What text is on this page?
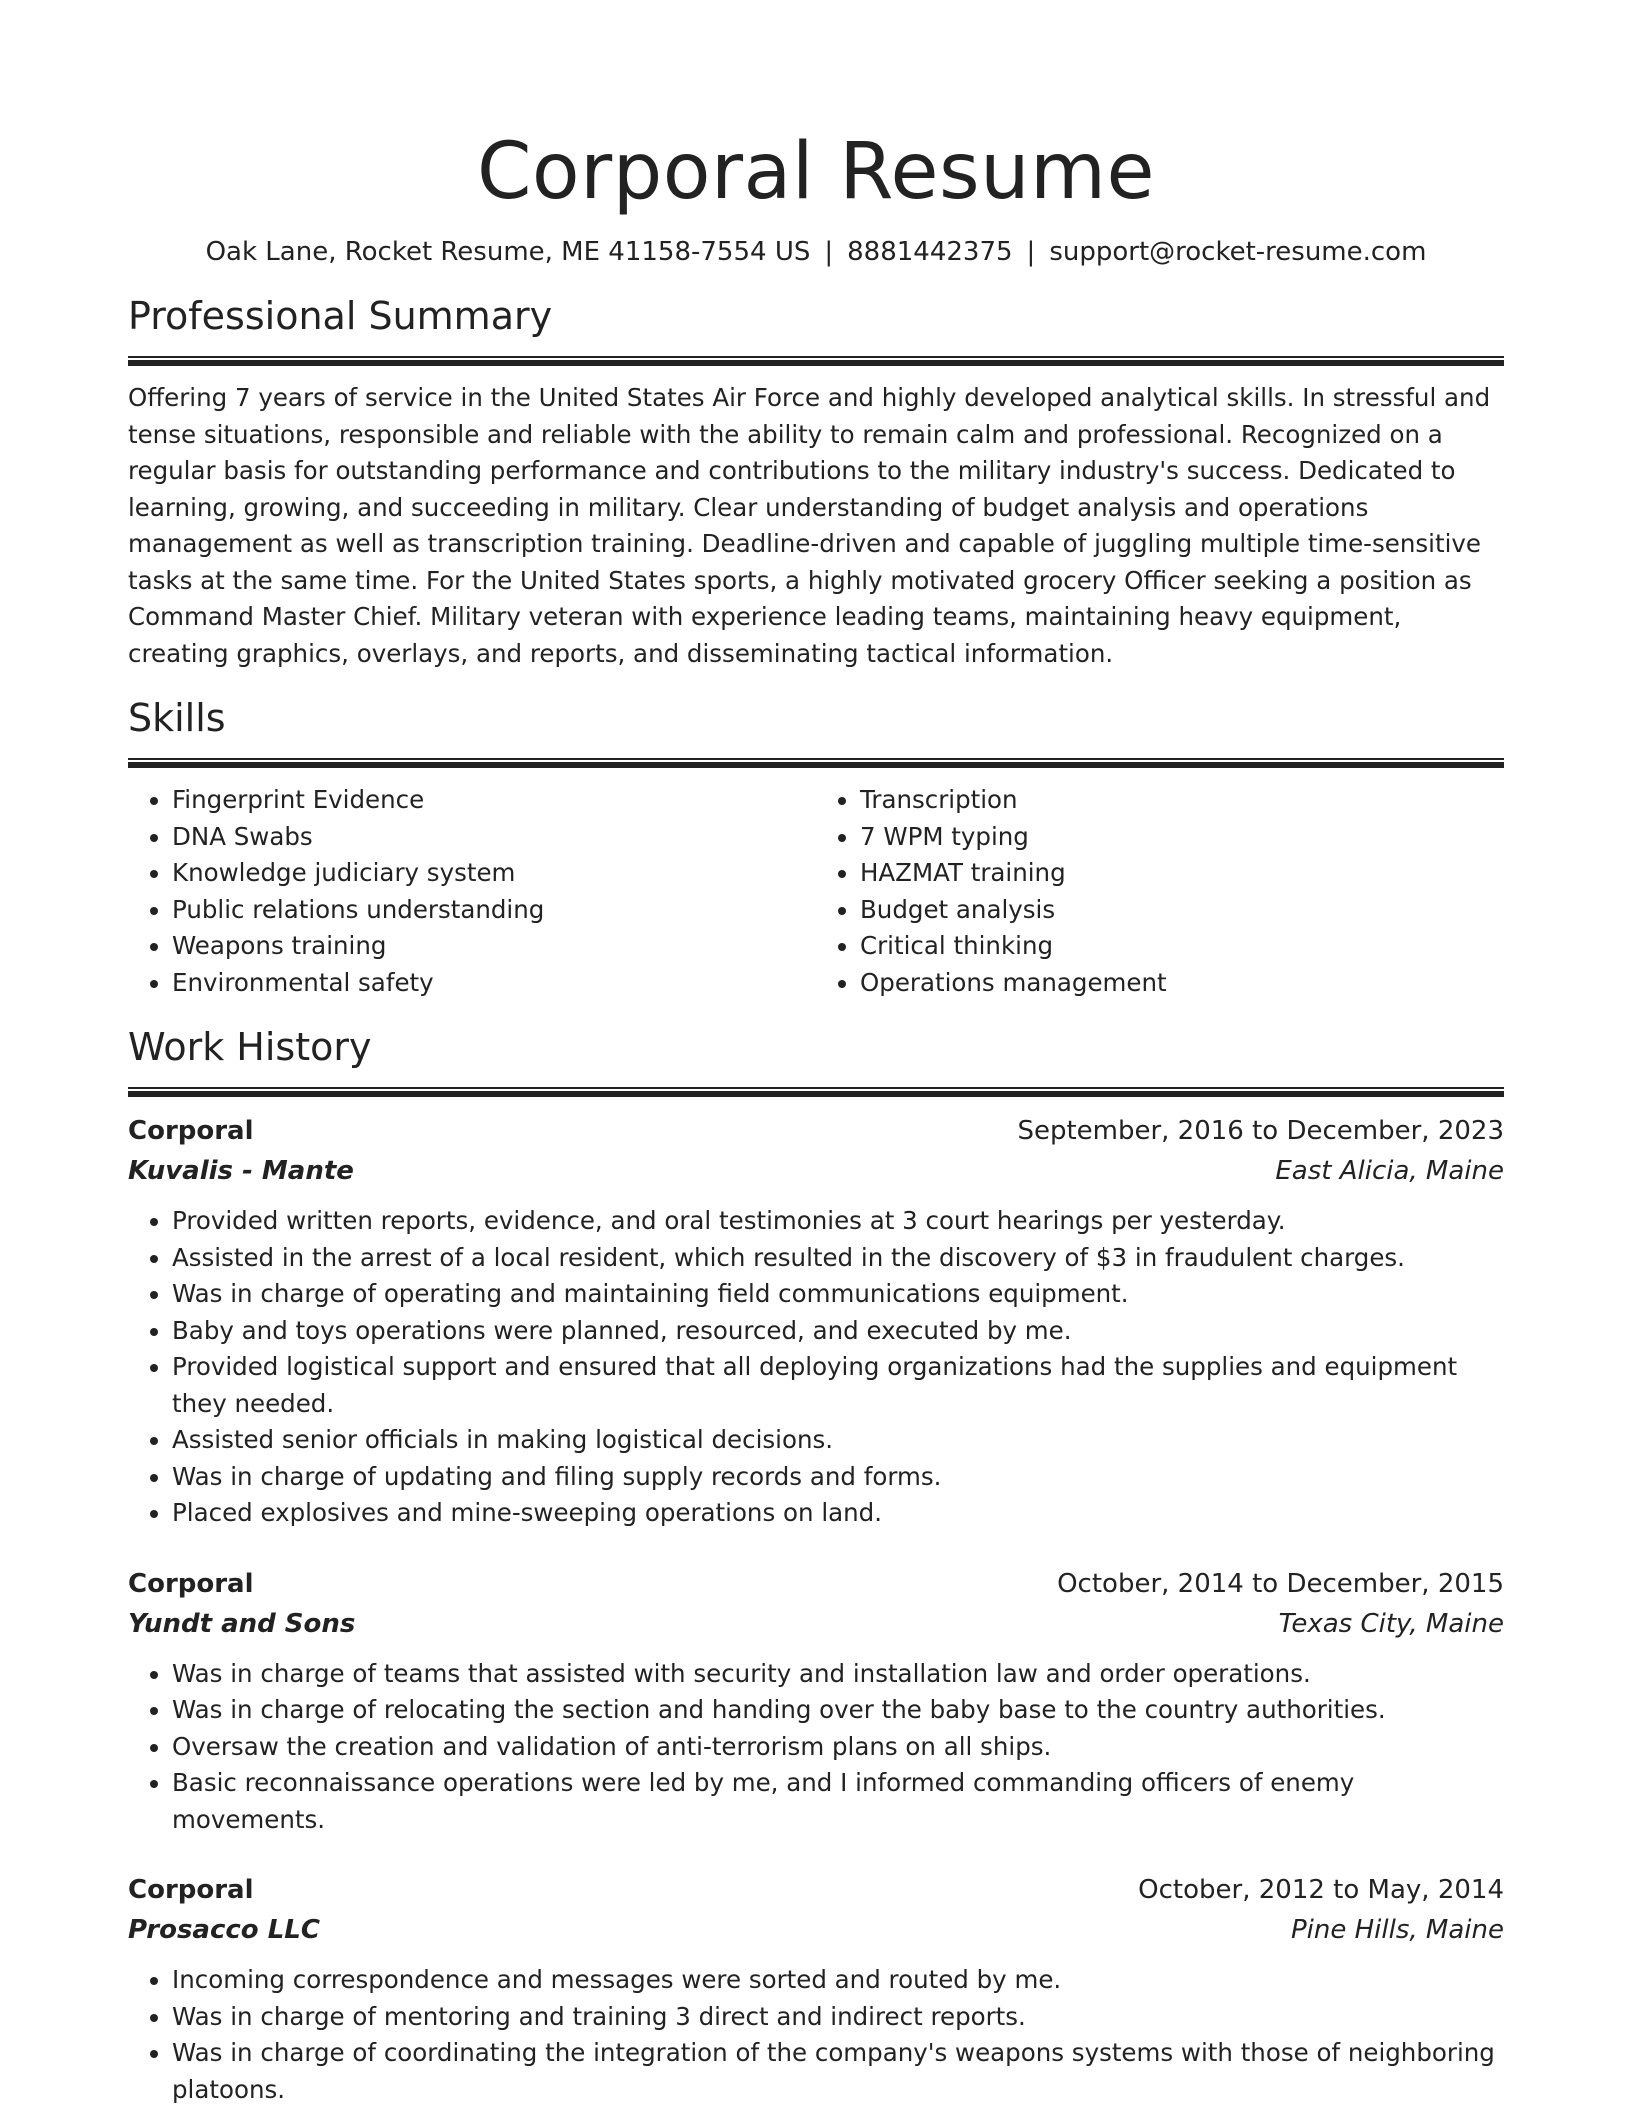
Corporal Resume
Oak Lane, Rocket Resume, ME 41158-7554 US | 8881442375 | support@rocket-resume.com
Professional Summary

Offering 7 years of service in the United States Air Force and highly developed analytical skills. In stressful and tense situations, responsible and reliable with the ability to remain calm and professional. Recognized on a regular basis for outstanding performance and contributions to the military industry's success. Dedicated to learning, growing, and succeeding in military. Clear understanding of budget analysis and operations management as well as transcription training. Deadline-driven and capable of juggling multiple time-sensitive tasks at the same time. For the United States sports, a highly motivated grocery Officer seeking a position as Command Master Chief. Military veteran with experience leading teams, maintaining heavy equipment, creating graphics, overlays, and reports, and disseminating tactical information.

Skills
• Fingerprint Evidence
• DNA Swabs
• Knowledge judiciary system
• Public relations understanding
• Weapons training
• Environmental safety
• Transcription
• 7 WPM typing
• HAZMAT training
• Budget analysis
• Critical thinking
• Operations management
Work History
Corporal	September, 2016 to December, 2023
Kuvalis - Mante	East Alicia, Maine
• Provided written reports, evidence, and oral testimonies at 3 court hearings per yesterday.
• Assisted in the arrest of a local resident, which resulted in the discovery of $3 in fraudulent charges.
• Was in charge of operating and maintaining field communications equipment.
• Baby and toys operations were planned, resourced, and executed by me.
• Provided logistical support and ensured that all deploying organizations had the supplies and equipment they needed.
• Assisted senior officials in making logistical decisions.
• Was in charge of updating and filing supply records and forms.
• Placed explosives and mine-sweeping operations on land.
Corporal	October, 2014 to December, 2015
Yundt and Sons	Texas City, Maine
• Was in charge of teams that assisted with security and installation law and order operations.
• Was in charge of relocating the section and handing over the baby base to the country authorities.
• Oversaw the creation and validation of anti-terrorism plans on all ships.
• Basic reconnaissance operations were led by me, and I informed commanding officers of enemy movements.
Corporal	October, 2012 to May, 2014
Prosacco LLC	Pine Hills, Maine
• Incoming correspondence and messages were sorted and routed by me.
• Was in charge of mentoring and training 3 direct and indirect reports.
• Was in charge of coordinating the integration of the company's weapons systems with those of neighboring platoons.
